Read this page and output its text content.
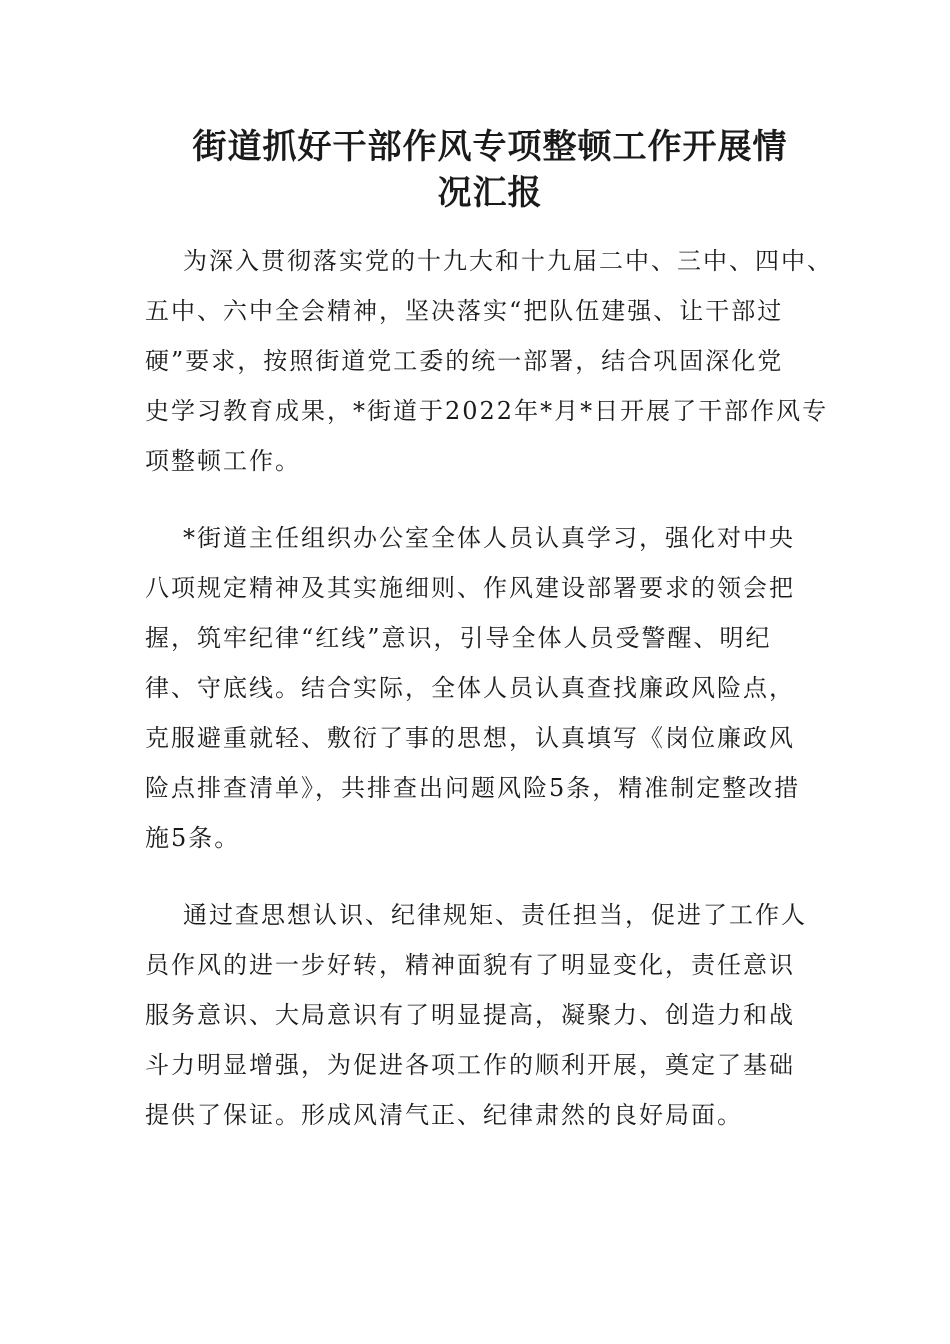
街道抓好干部作风专项整顿工作开展情
况汇报

为深入贯彻落实党的十九大和十九届二中、三中、四中、
五中、六中全会精神，坚决落实“把队伍建强、让干部过
硬”要求，按照街道党工委的统一部署，结合巩固深化党
史学习教育成果，*街道于2022年*月*日开展了干部作风专
项整顿工作。

*街道主任组织办公室全体人员认真学习，强化对中央
八项规定精神及其实施细则、作风建设部署要求的领会把
握，筑牢纪律“红线”意识，引导全体人员受警醒、明纪
律、守底线。结合实际，全体人员认真查找廉政风险点，
克服避重就轻、敷衍了事的思想，认真填写《岗位廉政风
险点排查清单》，共排查出问题风险5条，精准制定整改措
施5条。

通过查思想认识、纪律规矩、责任担当，促进了工作人
员作风的进一步好转，精神面貌有了明显变化，责任意识
服务意识、大局意识有了明显提高，凝聚力、创造力和战
斗力明显增强，为促进各项工作的顺利开展，奠定了基础
提供了保证。形成风清气正、纪律肃然的良好局面。
